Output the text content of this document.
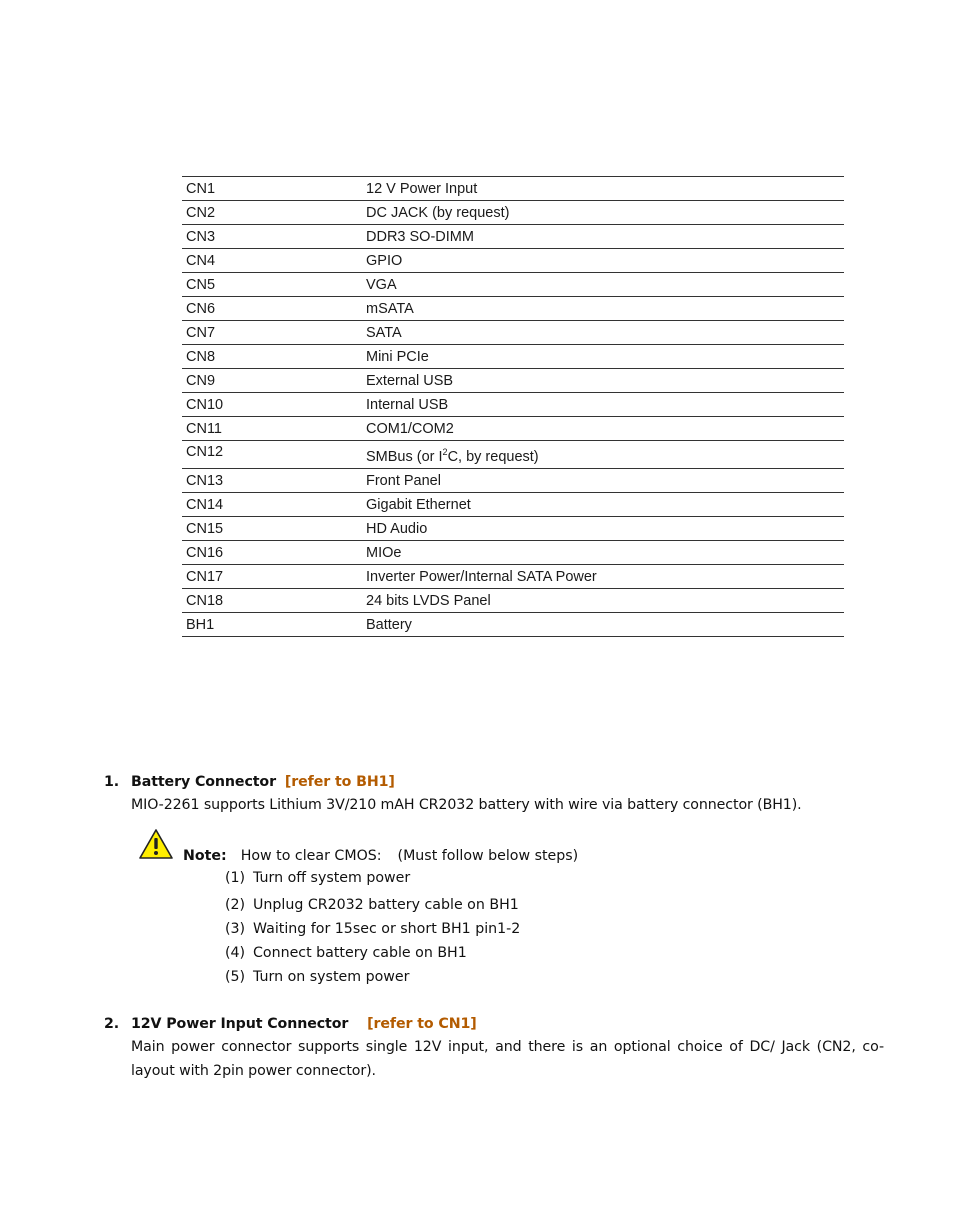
CN1	12 V Power Input
CN2	DC JACK (by request)
CN3	DDR3 SO-DIMM
CN4	GPIO
CN5	VGA
CN6	mSATA
CN7	SATA
CN8	Mini PCIe
CN9	External USB
CN10	Internal USB
CN11	COM1/COM2
CN12	SMBus (or $I^2C$, by request)
CN13	Front Panel
CN14	Gigabit Ethernet
CN15	HD Audio
CN16	MIOe
CN17	Inverter Power/Internal SATA Power
CN18	24 bits LVDS Panel
BH1	Battery
1. Battery Connector [refer to BH1]
MIO-2261 supports Lithium 3V/210 mAH CR2032 battery with wire via battery connector (BH1).
Note: How to clear CMOS: (Must follow below steps)
(1) Turn off system power
(2) Unplug CR2032 battery cable on BH1
(3) Waiting for 15sec or short BH1 pin1-2
(4) Connect battery cable on BH1
(5) Turn on system power
2. 12V Power Input Connector [refer to CN1]
Main power connector supports single 12V input, and there is an optional choice of DC/ Jack (CN2, co-layout with 2pin power connector).
